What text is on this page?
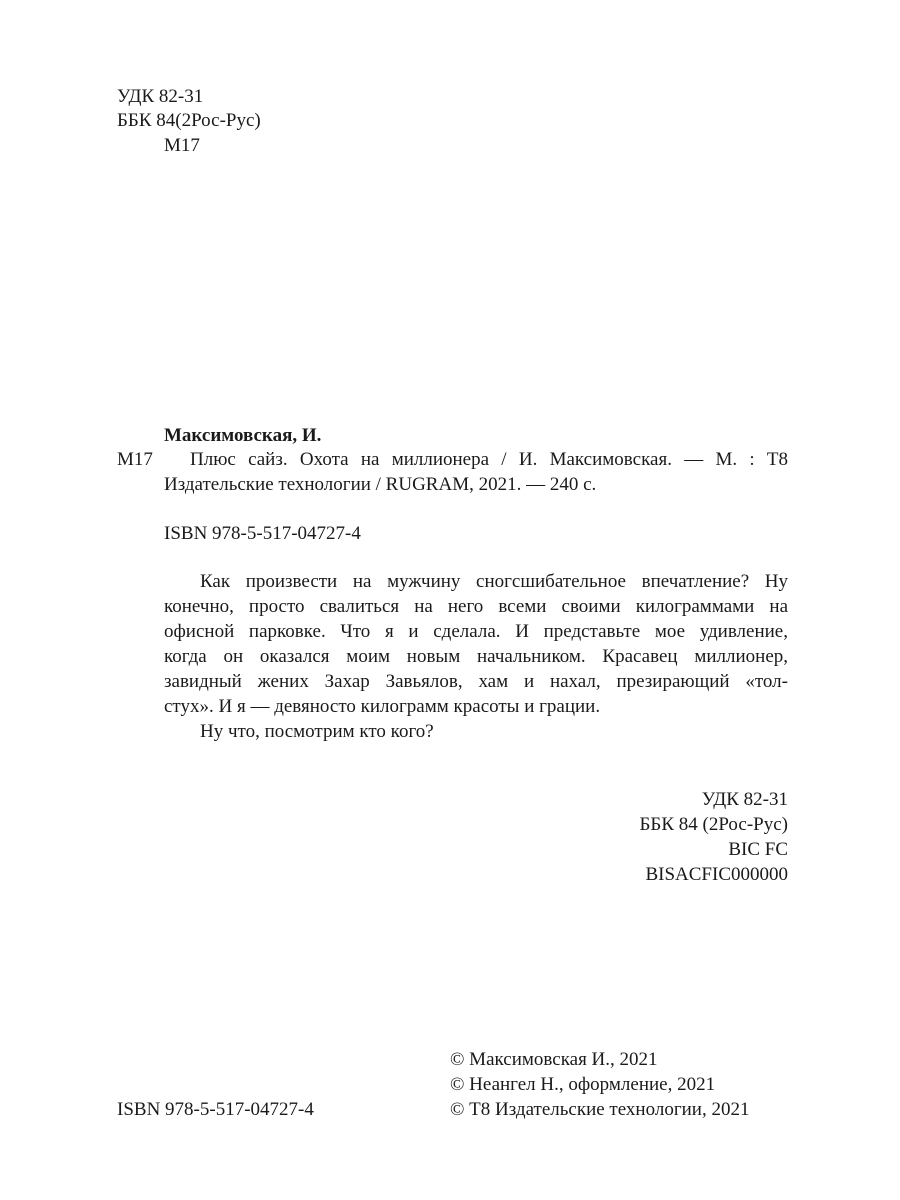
УДК 82-31
ББК 84(2Рос-Рус)
М17
Максимовская, И.
М17 Плюс сайз. Охота на миллионера / И. Максимовская. — М. : Т8
Издательские технологии / RUGRAM, 2021. — 240 с.
ISBN 978-5-517-04727-4
Как произвести на мужчину сногсшибательное впечатление? Ну
конечно, просто свалиться на него всеми своими килограммами на
офисной парковке. Что я и сделала. И представьте мое удивление,
когда он оказался моим новым начальником. Красавец миллионер,
завидный жених Захар Завьялов, хам и нахал, презирающий «тол-
стух». И я — девяносто килограмм красоты и грации.
Ну что, посмотрим кто кого?
УДК 82-31
ББК 84 (2Рос-Рус)
BIC FC
BISACFIC000000
© Максимовская И., 2021
© Неангел Н., оформление, 2021
© Т8 Издательские технологии, 2021
ISBN 978-5-517-04727-4
